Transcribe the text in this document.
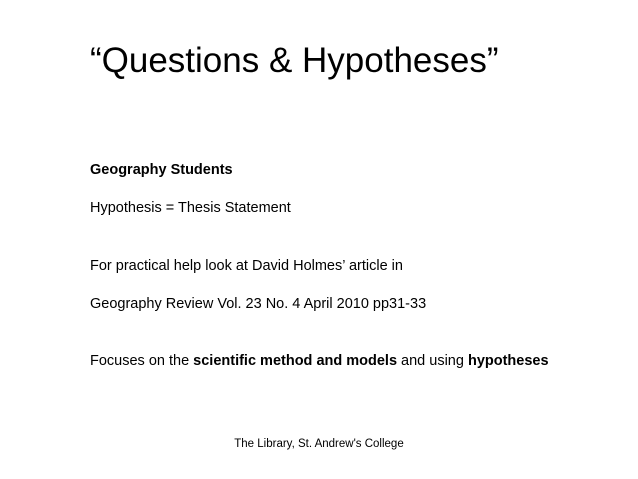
“Questions & Hypotheses”

Geography Students

Hypothesis = Thesis Statement

For practical help look at David Holmes’ article in

Geography Review Vol. 23 No. 4 April 2010 pp31-33

Focuses on the scientific method and models and using hypotheses

The Library, St. Andrew's College
